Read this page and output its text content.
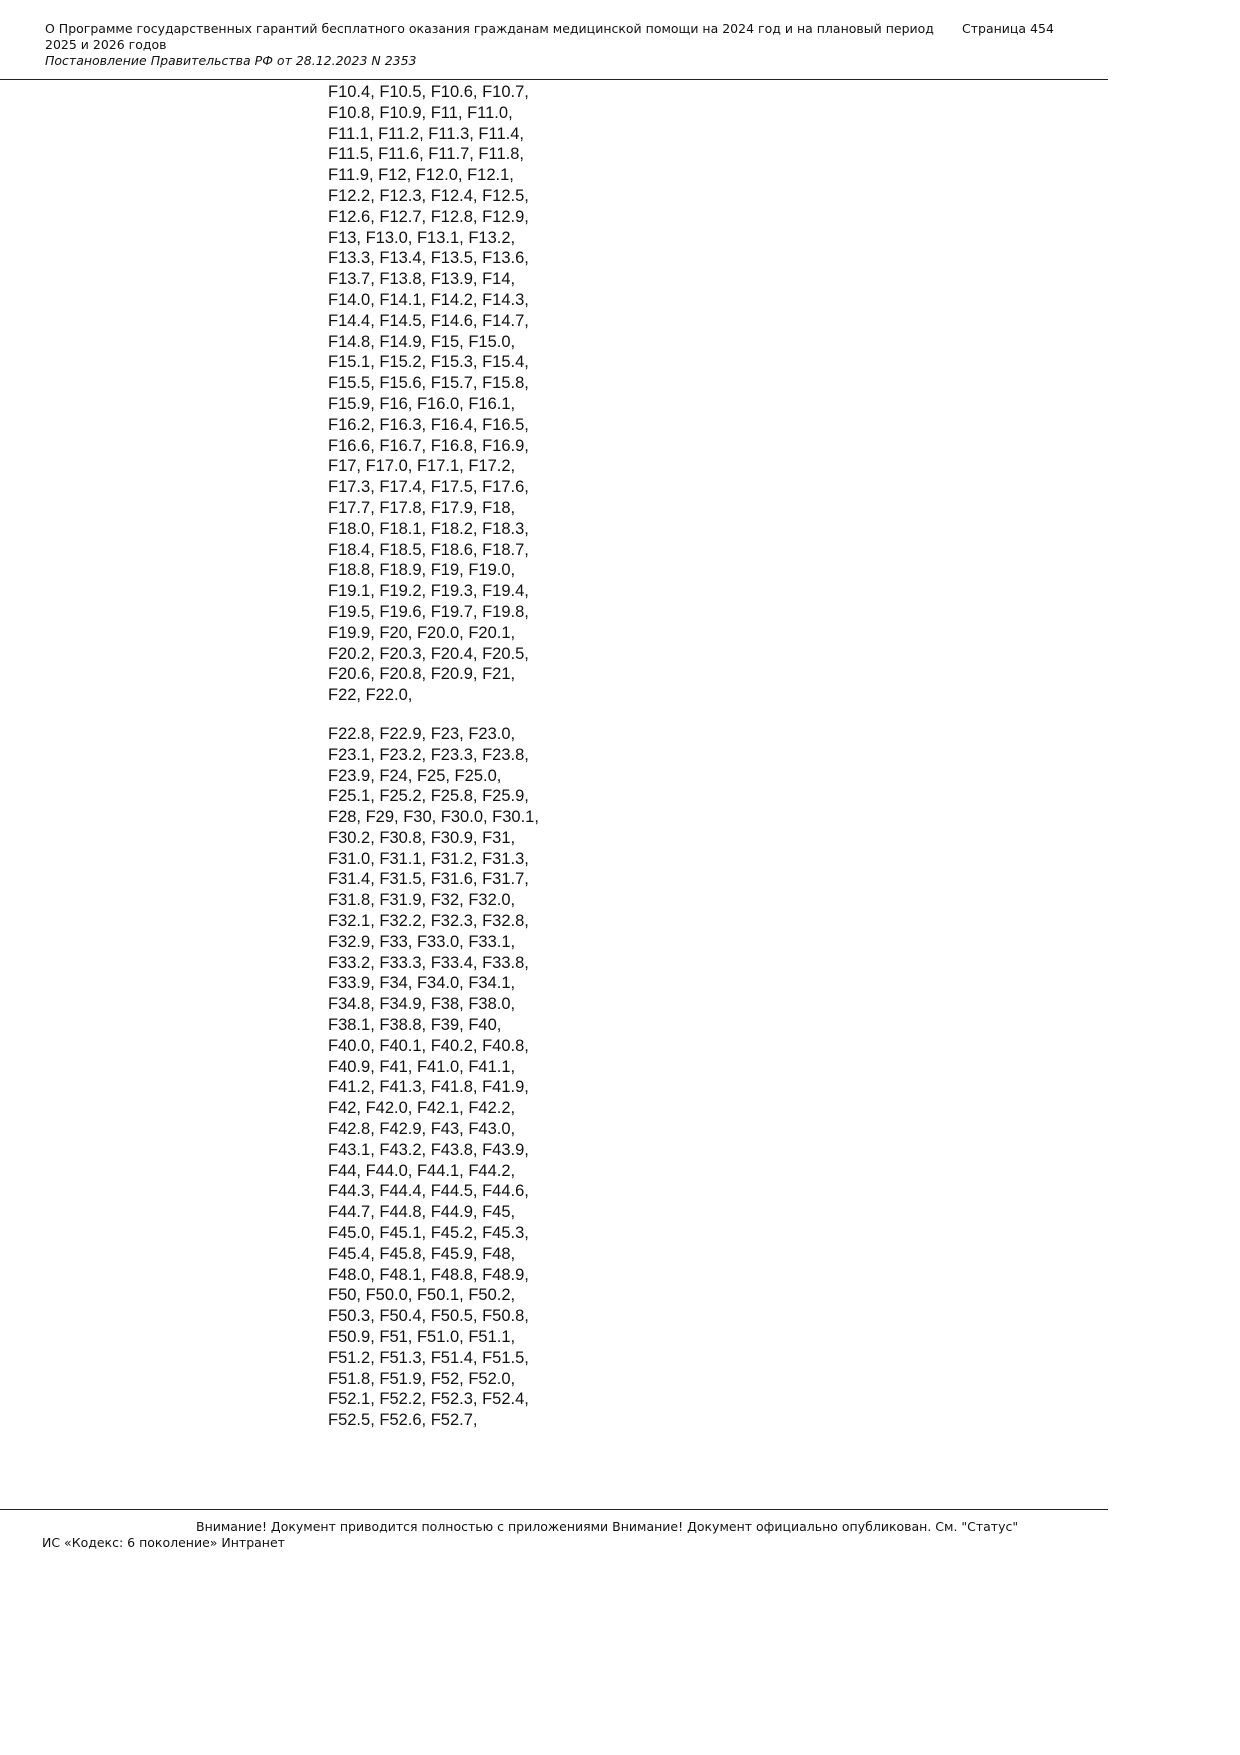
О Программе государственных гарантий бесплатного оказания гражданам медицинской помощи на 2024 год и на плановый период 2025 и 2026 годов
Постановление Правительства РФ от 28.12.2023 N 2353
Страница 454
F10.4, F10.5, F10.6, F10.7,
F10.8, F10.9, F11, F11.0,
F11.1, F11.2, F11.3, F11.4,
F11.5, F11.6, F11.7, F11.8,
F11.9, F12, F12.0, F12.1,
F12.2, F12.3, F12.4, F12.5,
F12.6, F12.7, F12.8, F12.9,
F13, F13.0, F13.1, F13.2,
F13.3, F13.4, F13.5, F13.6,
F13.7, F13.8, F13.9, F14,
F14.0, F14.1, F14.2, F14.3,
F14.4, F14.5, F14.6, F14.7,
F14.8, F14.9, F15, F15.0,
F15.1, F15.2, F15.3, F15.4,
F15.5, F15.6, F15.7, F15.8,
F15.9, F16, F16.0, F16.1,
F16.2, F16.3, F16.4, F16.5,
F16.6, F16.7, F16.8, F16.9,
F17, F17.0, F17.1, F17.2,
F17.3, F17.4, F17.5, F17.6,
F17.7, F17.8, F17.9, F18,
F18.0, F18.1, F18.2, F18.3,
F18.4, F18.5, F18.6, F18.7,
F18.8, F18.9, F19, F19.0,
F19.1, F19.2, F19.3, F19.4,
F19.5, F19.6, F19.7, F19.8,
F19.9, F20, F20.0, F20.1,
F20.2, F20.3, F20.4, F20.5,
F20.6, F20.8, F20.9, F21,
F22, F22.0,
F22.8, F22.9, F23, F23.0,
F23.1, F23.2, F23.3, F23.8,
F23.9, F24, F25, F25.0,
F25.1, F25.2, F25.8, F25.9,
F28, F29, F30, F30.0, F30.1,
F30.2, F30.8, F30.9, F31,
F31.0, F31.1, F31.2, F31.3,
F31.4, F31.5, F31.6, F31.7,
F31.8, F31.9, F32, F32.0,
F32.1, F32.2, F32.3, F32.8,
F32.9, F33, F33.0, F33.1,
F33.2, F33.3, F33.4, F33.8,
F33.9, F34, F34.0, F34.1,
F34.8, F34.9, F38, F38.0,
F38.1, F38.8, F39, F40,
F40.0, F40.1, F40.2, F40.8,
F40.9, F41, F41.0, F41.1,
F41.2, F41.3, F41.8, F41.9,
F42, F42.0, F42.1, F42.2,
F42.8, F42.9, F43, F43.0,
F43.1, F43.2, F43.8, F43.9,
F44, F44.0, F44.1, F44.2,
F44.3, F44.4, F44.5, F44.6,
F44.7, F44.8, F44.9, F45,
F45.0, F45.1, F45.2, F45.3,
F45.4, F45.8, F45.9, F48,
F48.0, F48.1, F48.8, F48.9,
F50, F50.0, F50.1, F50.2,
F50.3, F50.4, F50.5, F50.8,
F50.9, F51, F51.0, F51.1,
F51.2, F51.3, F51.4, F51.5,
F51.8, F51.9, F52, F52.0,
F52.1, F52.2, F52.3, F52.4,
F52.5, F52.6, F52.7,
Внимание! Документ приводится полностью с приложениями Внимание! Документ официально опубликован. См. "Статус"
ИС «Кодекс: 6 поколение» Интранет
